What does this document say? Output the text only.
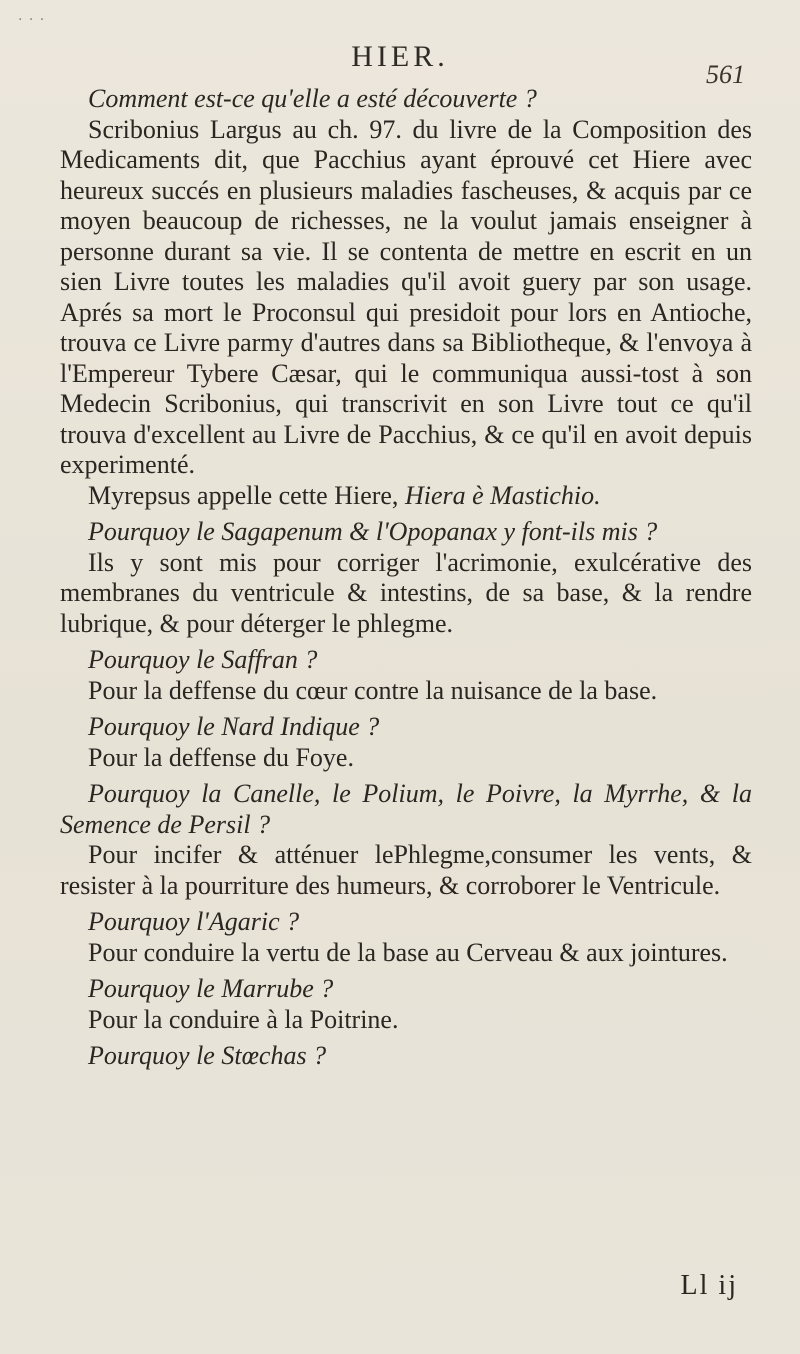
· · ·
HIER.
561

Comment est-ce qu'elle a esté découverte ?

Scribonius Largus au ch. 97. du livre de la Composition des Medicaments dit, que Pacchius ayant éprouvé cet Hiere avec heureux succés en plusieurs maladies fascheuses, & acquis par ce moyen beaucoup de richesses, ne la voulut jamais enseigner à personne durant sa vie. Il se contenta de mettre en escrit en un sien Livre toutes les maladies qu'il avoit guery par son usage. Aprés sa mort le Proconsul qui presidoit pour lors en Antioche, trouva ce Livre parmy d'autres dans sa Bibliotheque, & l'envoya à l'Empereur Tybere Cæsar, qui le communiqua aussi-tost à son Medecin Scribonius, qui transcrivit en son Livre tout ce qu'il trouva d'excellent au Livre de Pacchius, & ce qu'il en avoit depuis experimenté.

Myrepsus appelle cette Hiere, Hiera è Mastichio.

Pourquoy le Sagapenum & l'Opopanax y font-ils mis ?

Ils y sont mis pour corriger l'acrimonie, exulcérative des membranes du ventricule & intestins, de sa base, & la rendre lubrique, & pour déterger le phlegme.

Pourquoy le Saffran ?

Pour la deffense du cœur contre la nuisance de la base.

Pourquoy le Nard Indique ?

Pour la deffense du Foye.

Pourquoy la Canelle, le Polium, le Poivre, la Myrrhe, & la Semence de Persil ?

Pour incifer & atténuer lePhlegme,consumer les vents, & resister à la pourriture des humeurs, & corroborer le Ventricule.

Pourquoy l'Agaric ?

Pour conduire la vertu de la base au Cerveau & aux jointures.

Pourquoy le Marrube ?

Pour la conduire à la Poitrine.

Pourquoy le Stœchas ?

Ll ij
